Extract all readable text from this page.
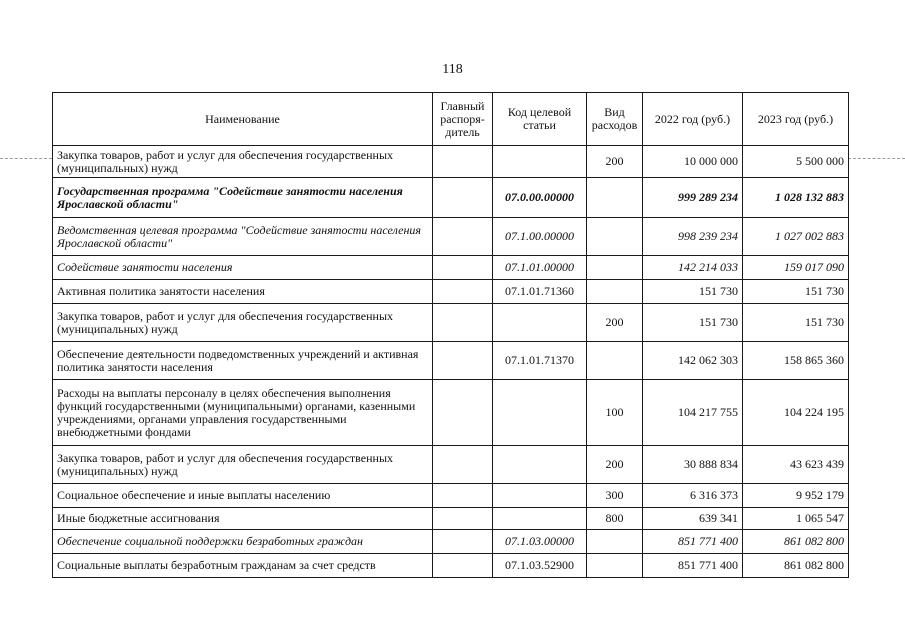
118
Наименование	Главный распоря-дитель	Код целевой статьи	Вид расходов	2022 год (руб.)	2023 год (руб.)
Закупка товаров, работ и услуг для обеспечения государственных (муниципальных) нужд			200	10 000 000	5 500 000
Государственная программа "Содействие занятости населения Ярославской области"		07.0.00.00000		999 289 234	1 028 132 883
Ведомственная целевая программа "Содействие занятости населения Ярославской области"		07.1.00.00000		998 239 234	1 027 002 883
Содействие занятости населения		07.1.01.00000		142 214 033	159 017 090
Активная политика занятости населения		07.1.01.71360		151 730	151 730
Закупка товаров, работ и услуг для обеспечения государственных (муниципальных) нужд			200	151 730	151 730
Обеспечение деятельности подведомственных учреждений и активная политика занятости населения		07.1.01.71370		142 062 303	158 865 360
Расходы на выплаты персоналу в целях обеспечения выполнения функций государственными (муниципальными) органами, казенными учреждениями, органами управления государственными внебюджетными фондами			100	104 217 755	104 224 195
Закупка товаров, работ и услуг для обеспечения государственных (муниципальных) нужд			200	30 888 834	43 623 439
Социальное обеспечение и иные выплаты населению			300	6 316 373	9 952 179
Иные бюджетные ассигнования			800	639 341	1 065 547
Обеспечение социальной поддержки безработных граждан		07.1.03.00000		851 771 400	861 082 800
Социальные выплаты безработным гражданам за счет средств		07.1.03.52900		851 771 400	861 082 800
